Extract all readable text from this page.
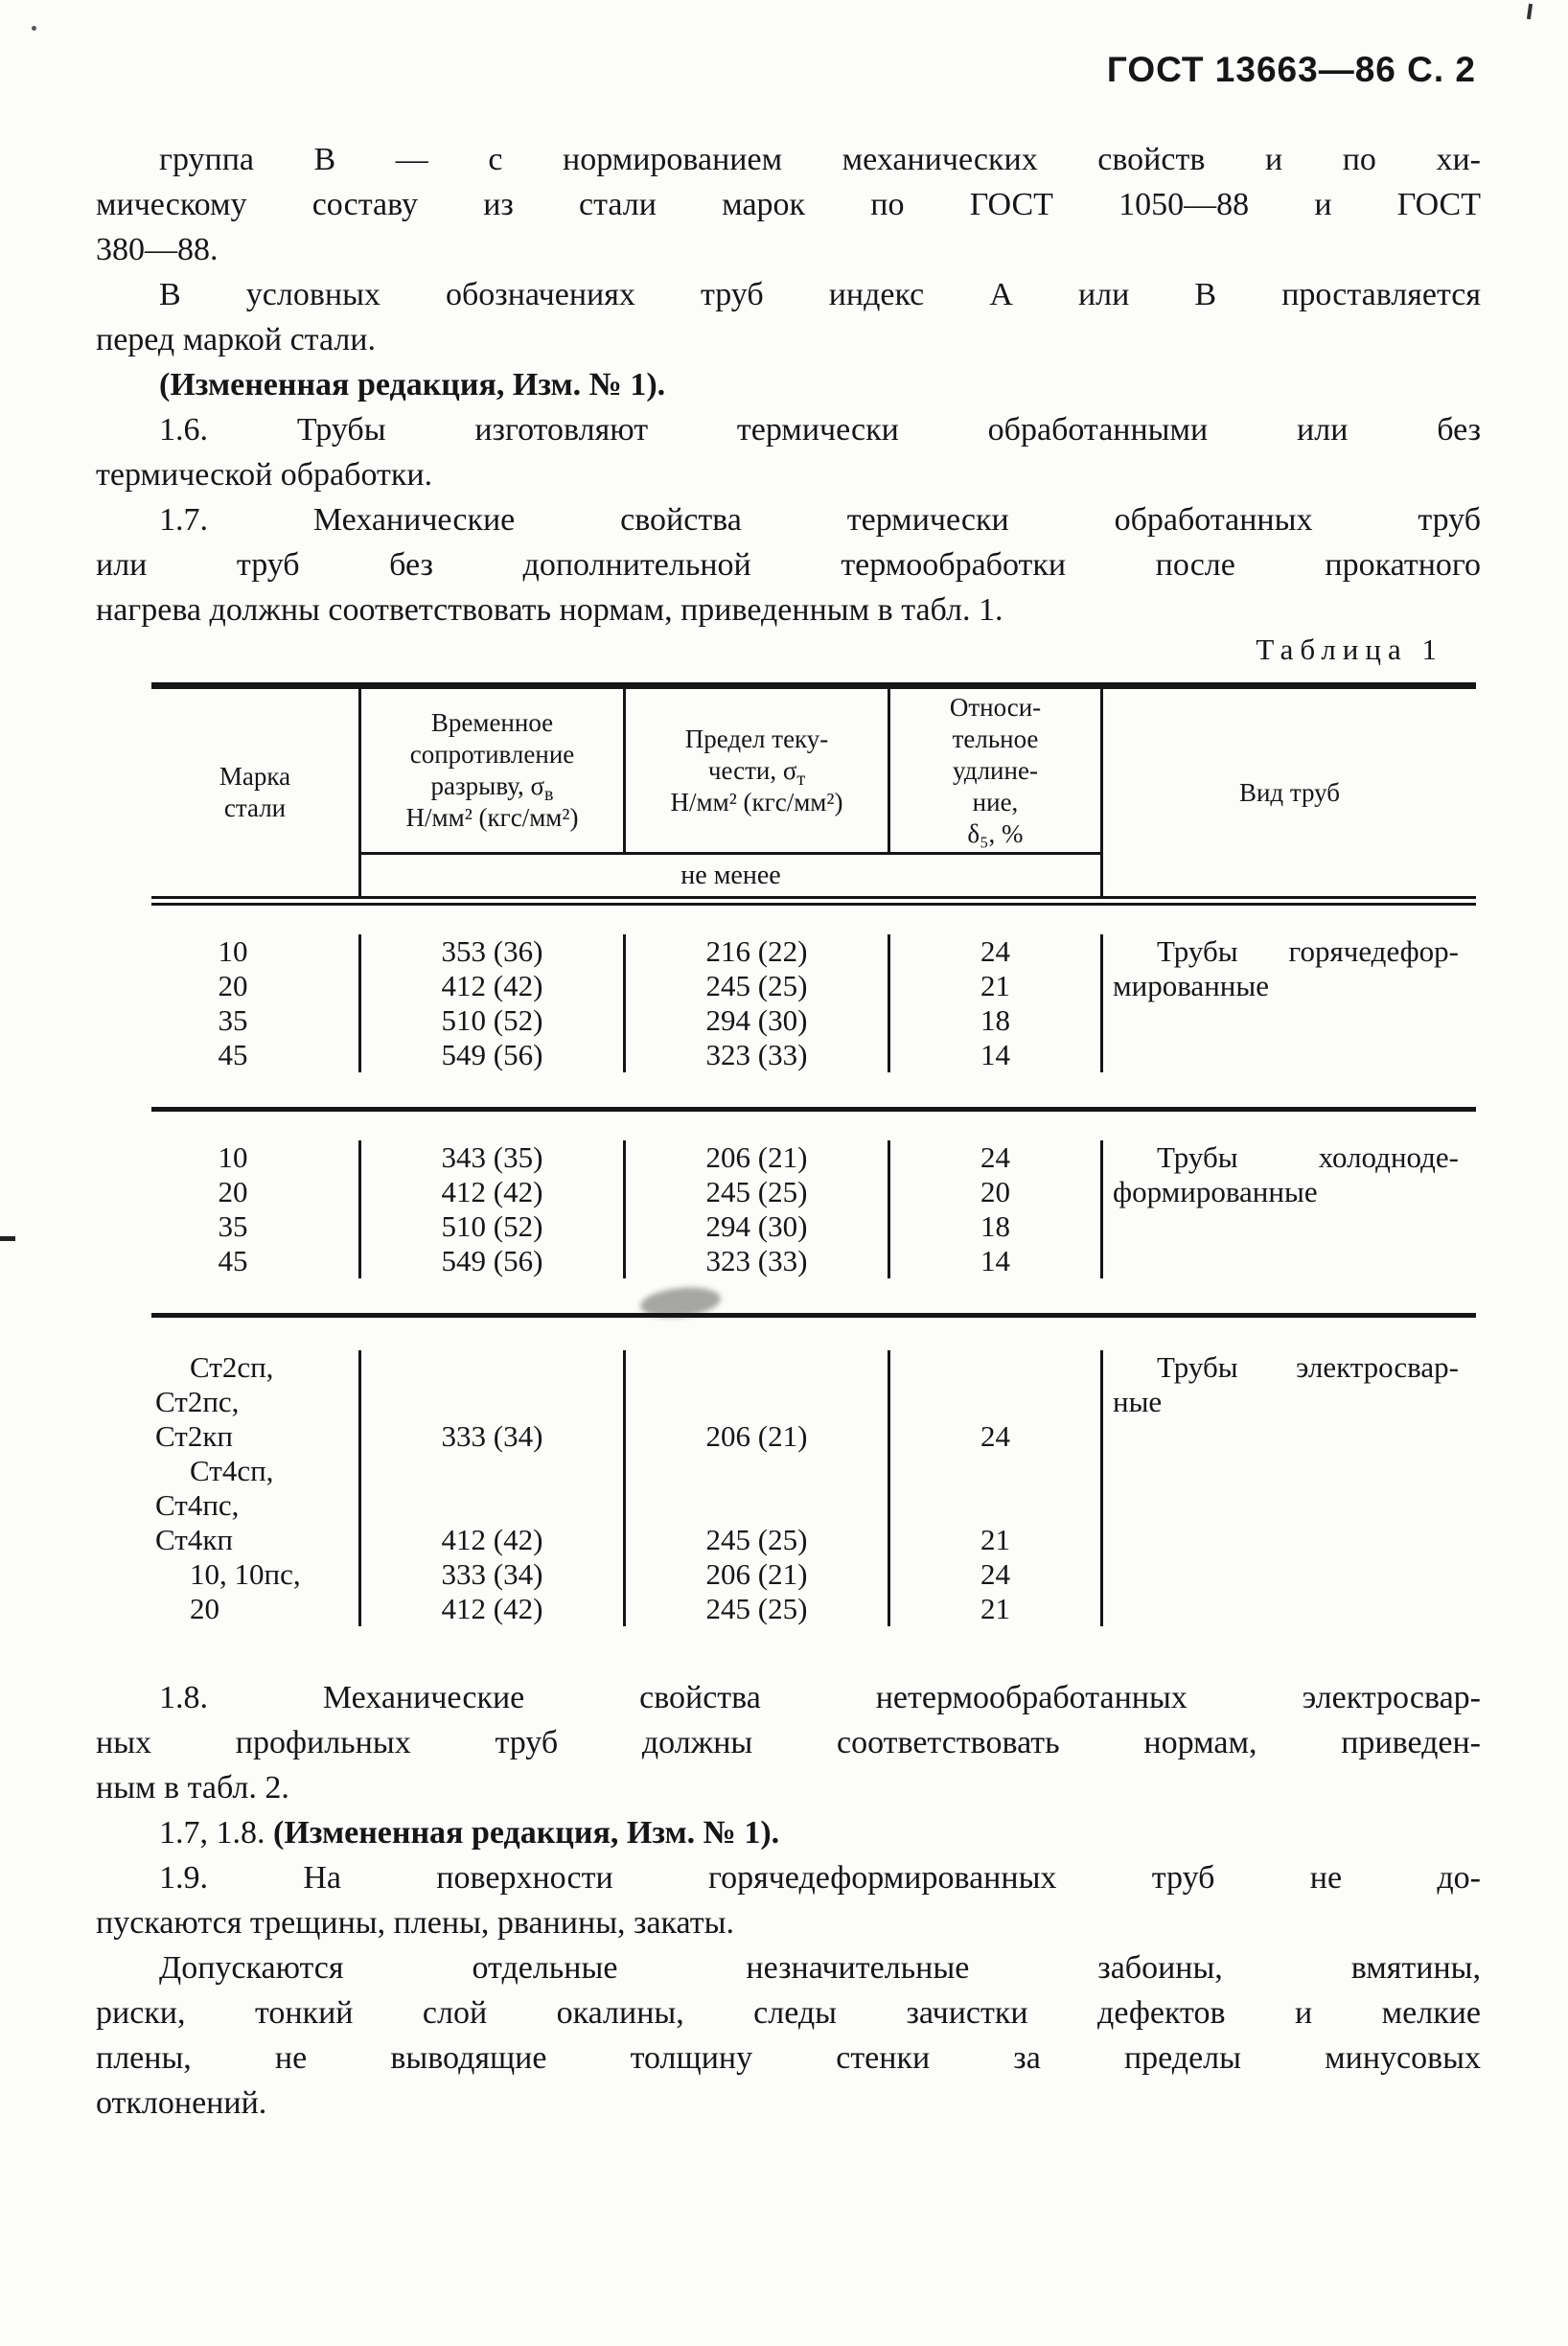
ГОСТ 13663—86 С. 2

группа В — с нормированием механических свойств и по хи-
мическому составу из стали марок по ГОСТ 1050—88 и ГОСТ
380—88.

В условных обозначениях труб индекс А или В проставляется
перед маркой стали.

(Измененная редакция, Изм. № 1).

1.6. Трубы изготовляют термически обработанными или без
термической обработки.

1.7. Механические свойства термически обработанных труб
или труб без дополнительной термообработки после прокатного
нагрева должны соответствовать нормам, приведенным в табл. 1.

Таблица 1
Марка
стали
Временное
сопротивление
разрыву, $\sigma_в$
Н/мм² (кгс/мм²)
Предел теку-
чести, $\sigma_т$
Н/мм² (кгс/мм²)
Относи-
тельное
удлине-
ние,
δ₅, %
Вид труб
не менее
10
20
35
45
353 (36)
412 (42)
510 (52)
549 (56)
216 (22)
245 (25)
294 (30)
323 (33)
24
21
18
14
Трубы горячедефор-
мированные
10
20
35
45
343 (35)
412 (42)
510 (52)
549 (56)
206 (21)
245 (25)
294 (30)
323 (33)
24
20
18
14
Трубы холодноде-
формированные
Ст2сп,
Ст2пс,
Ст2кп
Ст4сп,
Ст4пс,
Ст4кп
10, 10пс,
20
333 (34)
412 (42)
333 (34)
412 (42)
206 (21)
245 (25)
206 (21)
245 (25)
24
21
24
21
Трубы электросвар-
ные

1.8. Механические свойства нетермообработанных электросвар-
ных профильных труб должны соответствовать нормам, приведен-
ным в табл. 2.

1.7, 1.8. (Измененная редакция, Изм. № 1).

1.9. На поверхности горячедеформированных труб не до-
пускаются трещины, плены, рванины, закаты.

Допускаются отдельные незначительные забоины, вмятины,
риски, тонкий слой окалины, следы зачистки дефектов и мелкие
плены, не выводящие толщину стенки за пределы минусовых
отклонений.
